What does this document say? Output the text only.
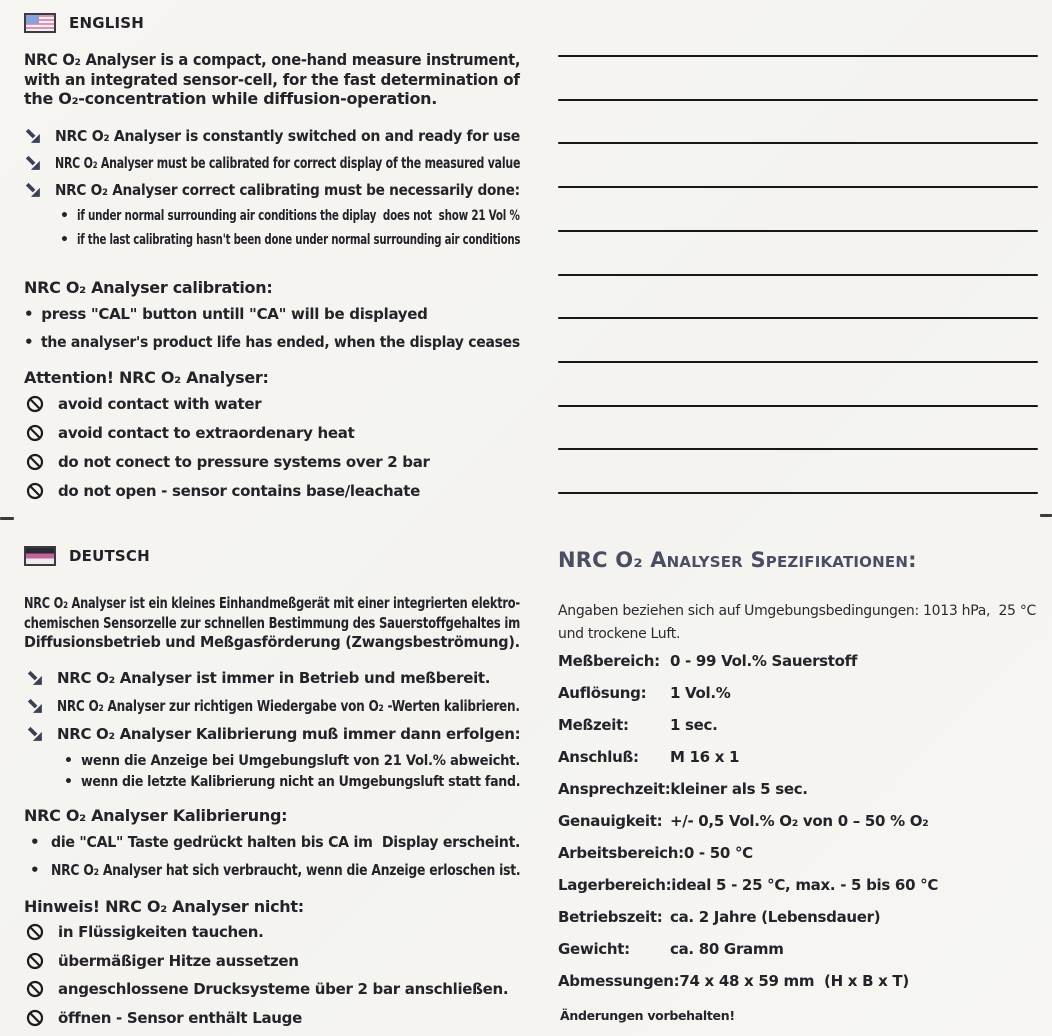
ENGLISH
NRC O₂ Analyser is a compact, one-hand measure instrument,
with an integrated sensor-cell, for the fast determination of
the O₂-concentration while diffusion-operation.
NRC O₂ Analyser is constantly switched on and ready for use
NRC O₂ Analyser must be calibrated for correct display of the measured value
NRC O₂ Analyser correct calibrating must be necessarily done:
• if under normal surrounding air conditions the diplay  does not  show 21 Vol %
• if the last calibrating hasn't been done under normal surrounding air conditions
NRC O₂ Analyser calibration:
• press "CAL" button untill "CA" will be displayed
• the analyser's product life has ended, when the display ceases
Attention! NRC O₂ Analyser:
avoid contact with water
avoid contact to extraordenary heat
do not conect to pressure systems over 2 bar
do not open - sensor contains base/leachate
DEUTSCH
NRC O₂ Analyser ist ein kleines Einhandmeßgerät mit einer integrierten elektro-
chemischen Sensorzelle zur schnellen Bestimmung des Sauerstoffgehaltes im
Diffusionsbetrieb und Meßgasförderung (Zwangsbeströmung).
NRC O₂ Analyser ist immer in Betrieb und meßbereit.
NRC O₂ Analyser zur richtigen Wiedergabe von O₂ -Werten kalibrieren.
NRC O₂ Analyser Kalibrierung muß immer dann erfolgen:
• wenn die Anzeige bei Umgebungsluft von 21 Vol.% abweicht.
• wenn die letzte Kalibrierung nicht an Umgebungsluft statt fand.
NRC O₂ Analyser Kalibrierung:
• die "CAL" Taste gedrückt halten bis CA im  Display erscheint.
• NRC O₂ Analyser hat sich verbraucht, wenn die Anzeige erloschen ist.
Hinweis! NRC O₂ Analyser nicht:
in Flüssigkeiten tauchen.
übermäßiger Hitze aussetzen
angeschlossene Drucksysteme über 2 bar anschließen.
öffnen - Sensor enthält Lauge
NRC O₂ Analyser Spezifikationen:
Angaben beziehen sich auf Umgebungsbedingungen: 1013 hPa,  25 °C
und trockene Luft.
Meßbereich: 0 - 99 Vol.% Sauerstoff
Auflösung:	1 Vol.%
Meßzeit:	1 sec.
Anschluß:	M 16 x 1
Ansprechzeit: kleiner als 5 sec.
Genauigkeit: +/- 0,5 Vol.% O₂ von 0 – 50 % O₂
Arbeitsbereich: 0 - 50 °C
Lagerbereich: ideal 5 - 25 °C, max. - 5 bis 60 °C
Betriebszeit: ca. 2 Jahre (Lebensdauer)
Gewicht:	ca. 80 Gramm
Abmessungen: 74 x 48 x 59 mm  (H x B x T)
Änderungen vorbehalten!
